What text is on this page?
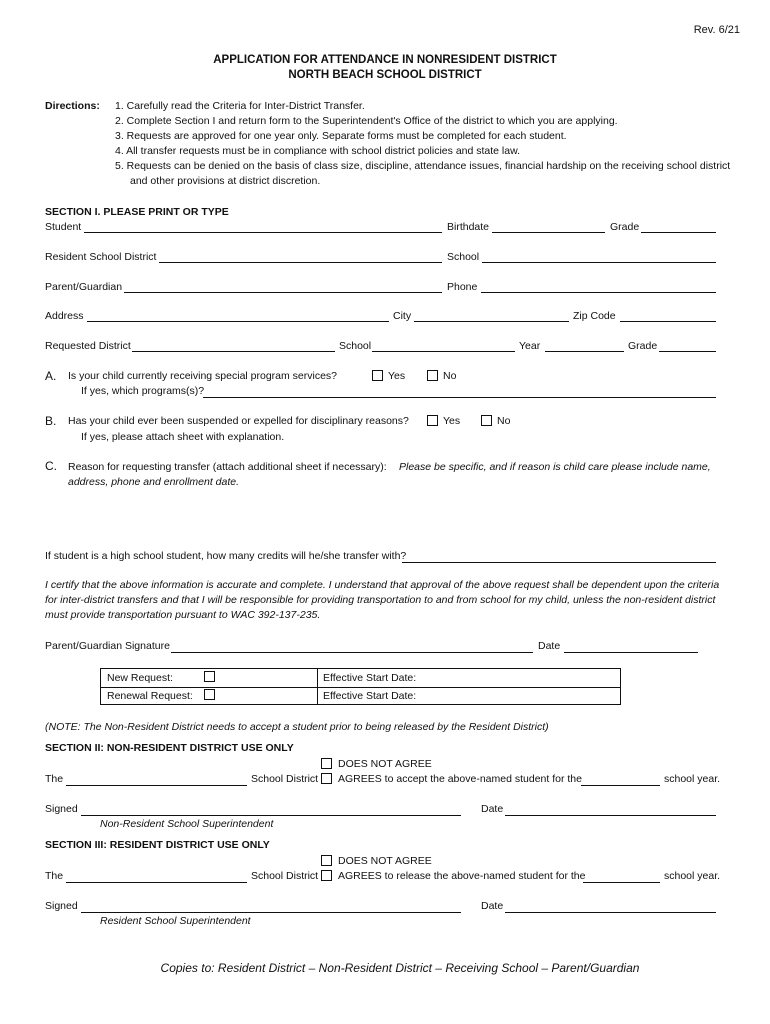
Rev. 6/21
APPLICATION FOR ATTENDANCE IN NONRESIDENT DISTRICT
NORTH BEACH SCHOOL DISTRICT
Directions: 1. Carefully read the Criteria for Inter-District Transfer.
2. Complete Section I and return form to the Superintendent's Office of the district to which you are applying.
3. Requests are approved for one year only. Separate forms must be completed for each student.
4. All transfer requests must be in compliance with school district policies and state law.
5. Requests can be denied on the basis of class size, discipline, attendance issues, financial hardship on the receiving school district
and other provisions at district discretion.
SECTION I. PLEASE PRINT OR TYPE
Student	Birthdate	Grade
Resident School District	School
Parent/Guardian	Phone
Address	City	Zip Code
Requested District	School	Year	Grade
A. Is your child currently receiving special program services?	Yes	No
If yes, which programs(s)?
B. Has your child ever been suspended or expelled for disciplinary reasons?	Yes	No
If yes, please attach sheet with explanation.
C. Reason for requesting transfer (attach additional sheet if necessary): Please be specific, and if reason is child care please include name,
address, phone and enrollment date.
If student is a high school student, how many credits will he/she transfer with?
I certify that the above information is accurate and complete. I understand that approval of the above request shall be dependent upon the criteria
for inter-district transfers and that I will be responsible for providing transportation to and from school for my child, unless the non-resident district
must provide transportation pursuant to WAC 392-137-235.
Parent/Guardian Signature	Date
New Request:	Effective Start Date:
Renewal Request:	Effective Start Date:
(NOTE: The Non-Resident District needs to accept a student prior to being released by the Resident District)
SECTION II: NON-RESIDENT DISTRICT USE ONLY
DOES NOT AGREE
The	School District AGREES to accept the above-named student for the	school year.
Signed	Date
Non-Resident School Superintendent
SECTION III: RESIDENT DISTRICT USE ONLY
DOES NOT AGREE
The	School District AGREES to release the above-named student for the	school year.
Signed	Date
Resident School Superintendent
Copies to: Resident District – Non-Resident District – Receiving School – Parent/Guardian
